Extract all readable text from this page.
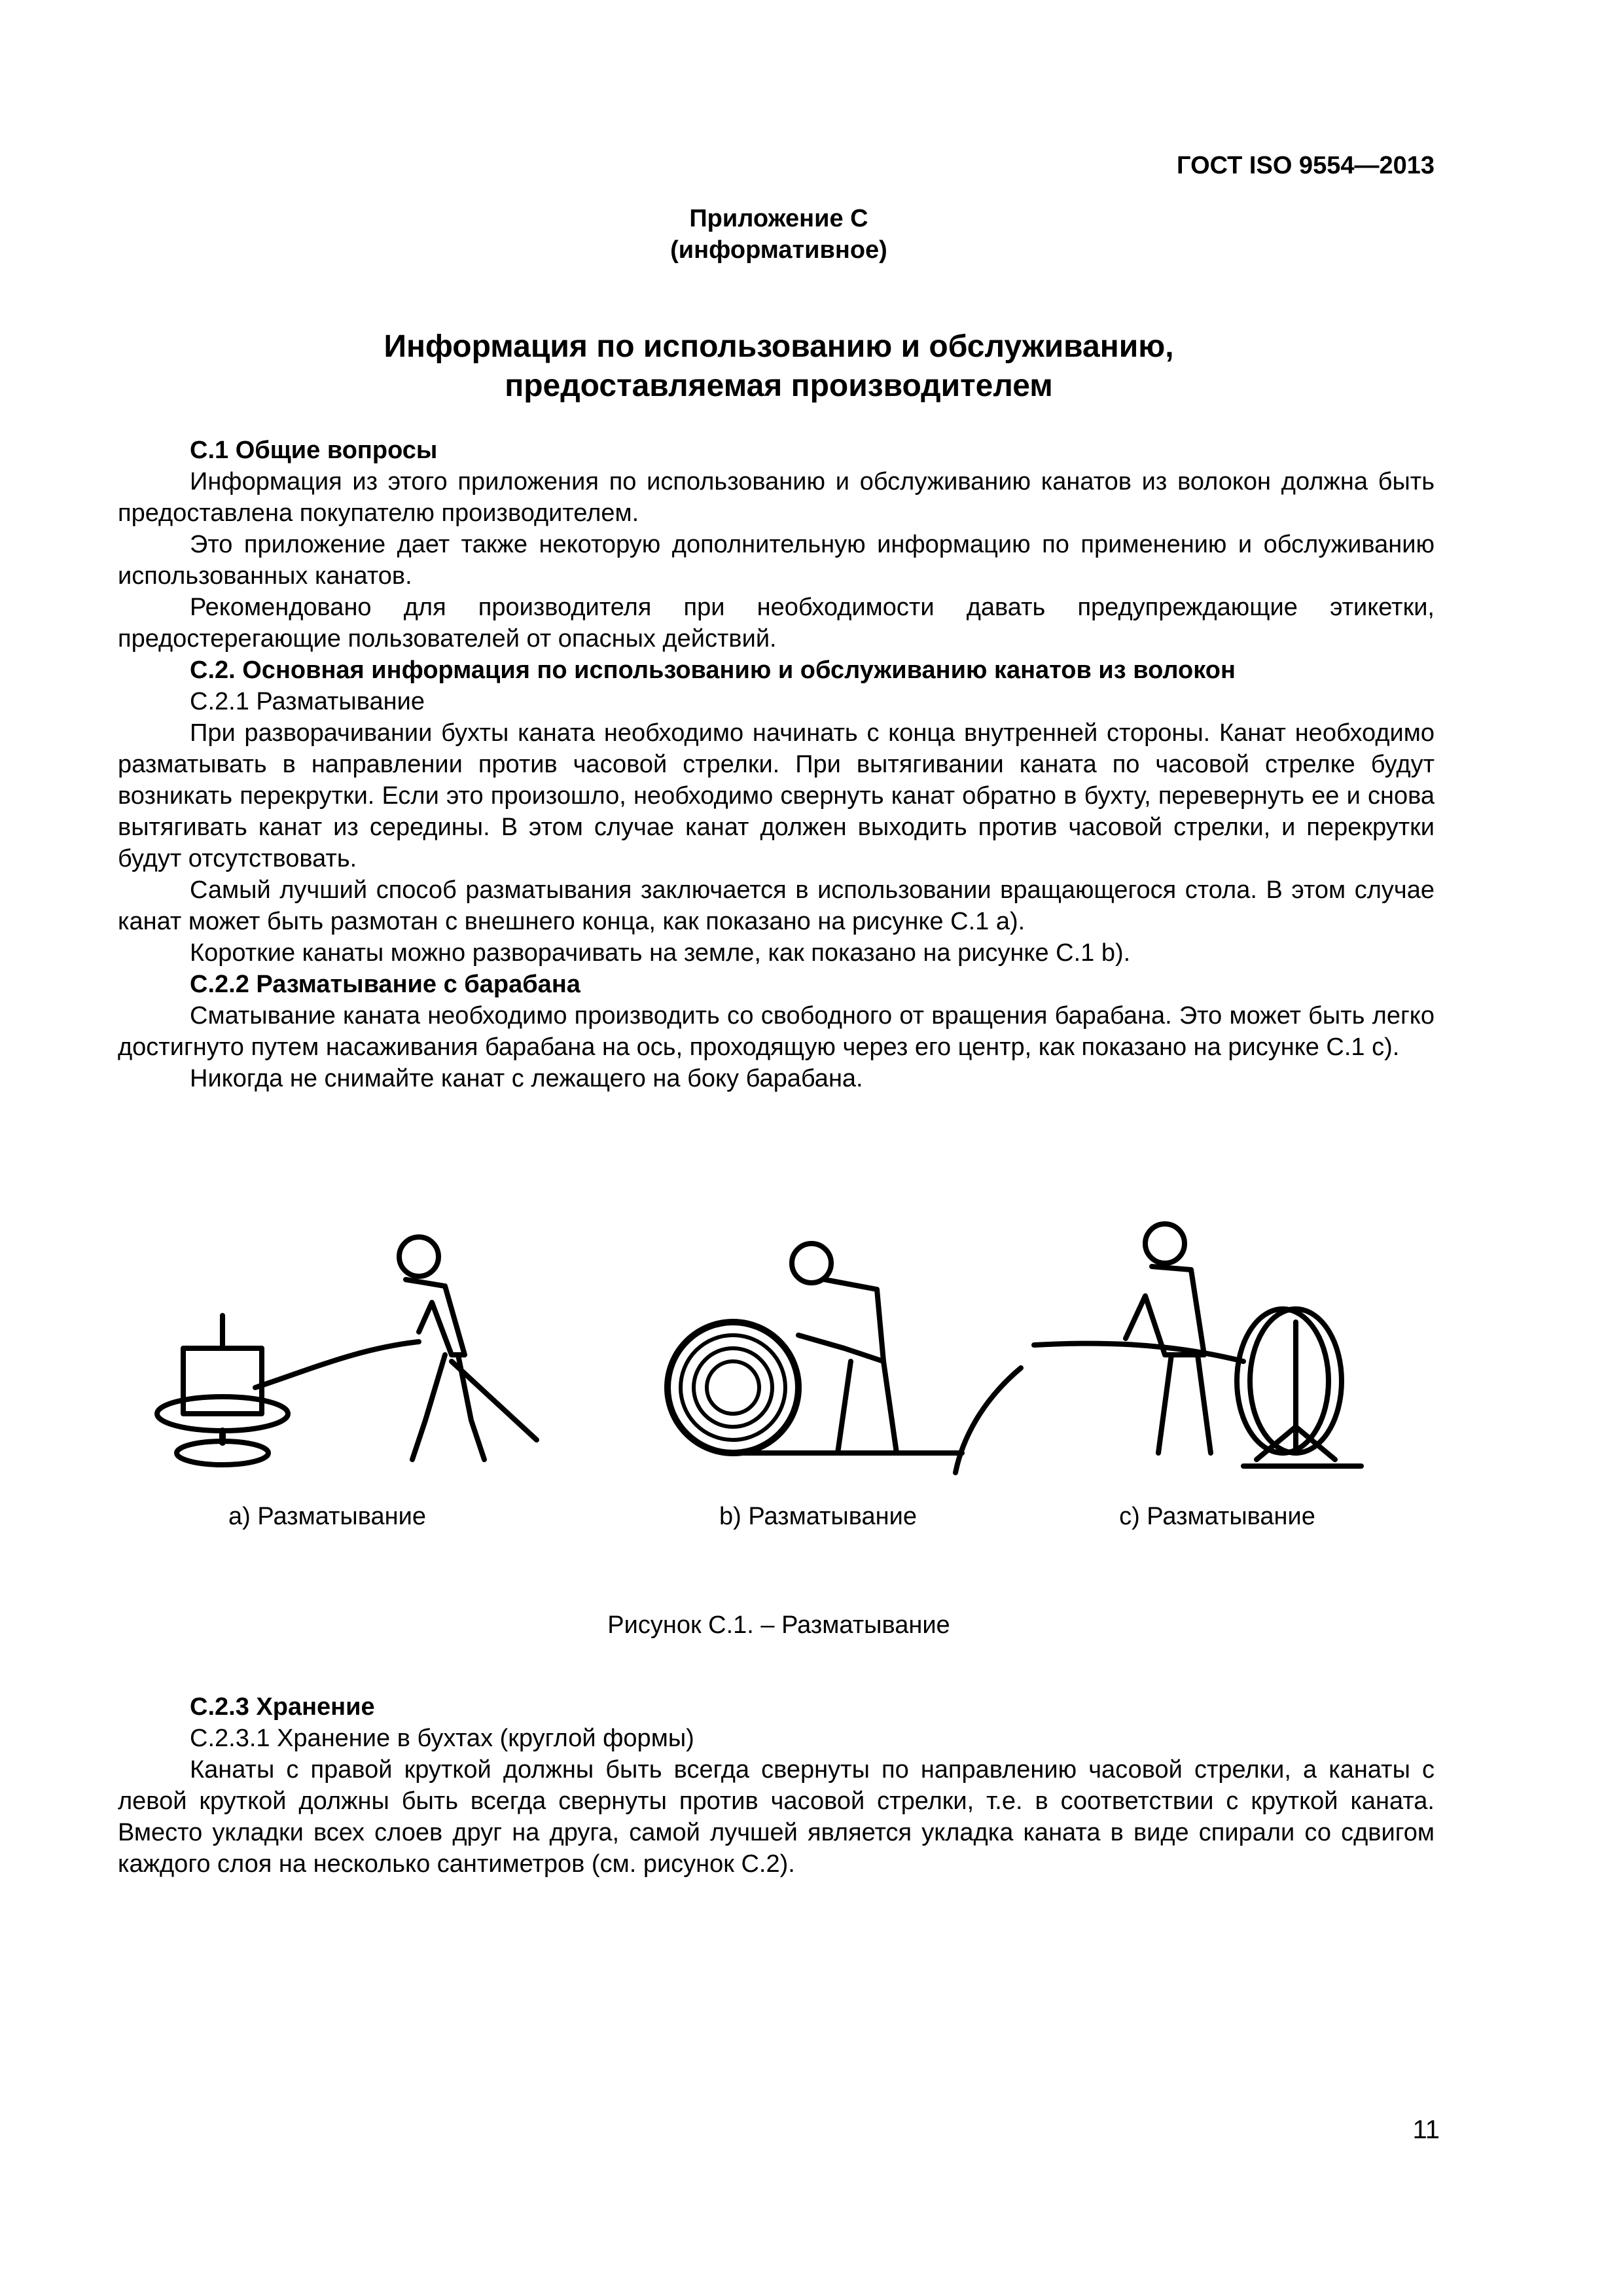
ГОСТ ISO 9554—2013
Приложение С
(информативное)
Информация по использованию и обслуживанию,
предоставляемая производителем

С.1 Общие вопросы

Информация из этого приложения по использованию и обслуживанию канатов из волокон должна быть предоставлена покупателю производителем.

Это приложение дает также некоторую дополнительную информацию по применению и обслуживанию использованных канатов.

Рекомендовано для производителя при необходимости давать предупреждающие этикетки, предостерегающие пользователей от опасных действий.

С.2. Основная информация по использованию и обслуживанию канатов из волокон

С.2.1 Разматывание

При разворачивании бухты каната необходимо начинать с конца внутренней стороны. Канат необходимо разматывать в направлении против часовой стрелки. При вытягивании каната по часовой стрелке будут возникать перекрутки. Если это произошло, необходимо свернуть канат обратно в бухту, перевернуть ее и снова вытягивать канат из середины. В этом случае канат должен выходить против часовой стрелки, и перекрутки будут отсутствовать.

Самый лучший способ разматывания заключается в использовании вращающегося стола. В этом случае канат может быть размотан с внешнего конца, как показано на рисунке С.1 а).

Короткие канаты можно разворачивать на земле, как показано на рисунке С.1 b).

С.2.2 Разматывание с барабана

Сматывание каната необходимо производить со свободного от вращения барабана. Это может быть легко достигнуто путем насаживания барабана на ось, проходящую через его центр, как показано на рисунке С.1 с).

Никогда не снимайте канат с лежащего на боку барабана.

а) Разматывание	b) Разматывание	с) Разматывание
Рисунок С.1. – Разматывание

С.2.3 Хранение

С.2.3.1 Хранение в бухтах (круглой формы)

Канаты с правой круткой должны быть всегда свернуты по направлению часовой стрелки, а канаты с левой круткой должны быть всегда свернуты против часовой стрелки, т.е. в соответствии с круткой каната. Вместо укладки всех слоев друг на друга, самой лучшей является укладка каната в виде спирали со сдвигом каждого слоя на несколько сантиметров (см. рисунок С.2).

11
